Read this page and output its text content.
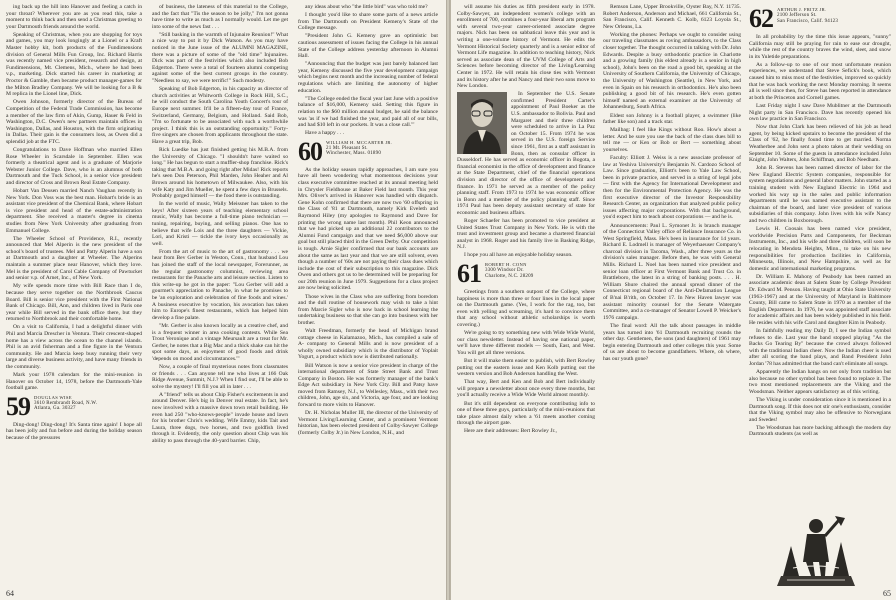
ing back up the hill into Hanover and feeling a catch in your throat? Wherever you are as you read this, take a moment to think back and then send a Christmas greeting to your Dartmouth friends around the world.

Speaking of Christmas, when you are shopping for toys and games, you may look longingly at a Lionel or a Kraft Master hobby kit, both products of the Fundimensions division of General Mills Fun Group, Inc. Richard Harris was recently named vice president, research and design, at Fundimensions, Mt. Clemens, Mich., where he had been v.p., marketing. Dick started his career in marketing at Proctor & Gamble, then became product manager-games for the Milton Bradley Company. We will be looking for a B & M replica in the Lionel line, Dick.

Owen Johnson, formerly director of the Bureau of Competition of the Federal Trade Commission, has become a member of the law firm of Akin, Gump, Hauer & Feld in Washington, D.C. Owen's new partners maintain offices in Washington, Dallas, and Houston, with the firm originating in Dallas. Their gain is the consumers loss, as Owen did a splendid job at the FTC.

Congratulations to Dave Hoffman who married Ellen Rose Wheeler in Scarsdale in September. Ellen was formerly a theatrical agent and is a graduate of Marjorie Webster Junior College. Dave, who is an alumnus of both Dartmouth and the Tuck School, is a senior vice president and director of Cross and Brown Real Estate Company.

Hobart Van Deusen married Nanch Vaughan recently in New York. Don Voss was the best man. Hobart's bride is an assistant vice president of the Chemical Bank, where Hobart is vice president and head of the estate-administration department. She received a master's degree in cinema studies from New York University after graduating from Emmanuel College.

The Wheeler School of Providence, R.I., recently announced that Mel Alperin is the new president of the school's board of trustees. Mel and Patty Alperin have a son at Dartmouth and a daughter at Wheeler. The Alperins maintain a summer place near Hanover, which they love. Mel is the president of Carol Cable Company of Pawtucket and senior v.p. of Arnet, Inc., of New York.

My wife spends more time with Bill Race than I do, because they serve together on the Northbrook Caucus Board. Bill is senior vice president with the First National Bank of Chicago. Bill, Ann, and children lived in Paris one year while Bill served in the bank office there, but they returned to Northbrook and their comfortable home.

On a visit to California, I had a delightful dinner with Phil and Marcia Drescher in Ventura. Their crescent-shaped home has a view across the ocean to the channel islands. Phil is an avid fisherman and a fine figure in the Ventura community. He and Marcia keep busy running their very large and diverse business activity, and have many friends in the community.

Mark your 1978 calendars for the mini-reunion in Hanover on October 14, 1978, before the Dartmouth-Yale football game.

59 DOUGLAS WISE
3610 Rembrandt Road, N.W.
Atlanta, Ga. 30327

Ding-dong! Ding-dong! It's Santa time again! I hope all has been jolly and fun before and during the holiday season because of the pressures

of business, the lateness of this material to the College, and the fact that "Tis the season to be jolly," I'm not gonna have time to write as much as I normally would. Let me get into some of the news fast . . .

"Still basking in the warmth of Injunaire Reunion!" What a nice way to put it by Dick Watson. As you may have noticed in the June issue of the ALUMNI MAGAZINE, there was a picture of some of the "old time" Injunaires. Dick was part of the festivities which also included Bob Edgerton. There were a total of fourteen alumni competing against some of the best current groups in the country. "Needless to say, we were terrific!" Such modesty.

Speaking of Bob Edgerton, in his capacity as director of church activities at Whitworth College in Rock Hill, S.C., he will conduct the South Carolina Youth Concert's tour of Europe next summer. It'll be a fifteen-day tour of France, Switzerland, Germany, Belgium, and Holland. Said Bob, "I'm so fortunate to be associated with such a worthwhile project. I think this is an outstanding opportunity." Forty-five singers are chosen from applicants throughout the state. Have a great trip, Bob.

Rick Luedke has just finished getting his M.B.A. from the University of Chicago. "I shouldn't have waited so long." He has begun to start a muffler-shop franchise. Rick's taking that M.B.A. and going right after Midas! Rick reports he's seen Don Peterson, Phil Marden, John Heaher and Al Brown around his hometown of Milwaukee. Also, with his wife Katy and Jim Mueller, he spent a few days in Brussels. Probably gorged himself — the food there is outstanding.

In the world of music, Wally Meissner has taken to the keys! After sixteen years of teaching elementary school music, Wally has become a full-time piano technician — tuning, repairing, buying, and selling pianos. One has to believe that wife Lois and the three daughters — Vickie, Lori, and Kristi — tickle the ivory keys occasionally as well.

From the art of music to the art of gastronomy . . . we hear from Bev Gerber in Weston, Conn., that husband Lou has joined the staff of the local newspaper, Forerunner, as the regular gastronomy columnist, reviewing area restaurants for the Panache arts and leisure section. Listen to this write-up he got in the paper: "Lou Gerber will add a gourmet's appreciation to Panache, in what he promises to be 'an exploration and celebration of fine foods and wines.' A business executive by vocation, his avocation has taken him to Europe's finest restaurants, which has helped him develop a fine palate.

"Mr. Gerber is also known locally as a creative chef, and is a frequent winner in area cooking contests. While Sea Trout Veronique and a vintage Meursault are a treat for Mr. Gerber, he notes that a Big Mac and a thick shake can hit the spot some days, as enjoyment of good foods and drink 'depends on mood and circumstances.'"

Now, a couple of final mysterious notes from classmates or friends . . . Can anyone tell me who lives at 166 Oak Ridge Avenue, Summit, N.J.? When I find out, I'll be able to solve the mystery! I'll fill you all in later . . .

A "friend" tells us about Chip Fisher's excitements in and around Denver. He's big in Denver real estate. In fact, he's now involved with a massive down town retail building. He even had 250 "who-knows-people" invade house and lawn for his brother Chris's wedding. Wife Emmy, kids Tait and Laura, three dogs, two horses, and two goldfish lived through it. Evidently, the only question about Chip was his ability to pass through the 40-yard barrier. Chip,

any ideas about who "the little bird" was who told me?

I thought you'd like to share some parts of a news article from The Dartmouth on President Kemeny's State of the College message.

"President John G. Kemeny gave an optimistic but cautious assessment of issues facing the College in his annual State of the College address yesterday afternoon in Alumni Hall.

"Announcing that the budget was just barely balanced last year, Kemeny discussed the five year development campaign which begins next month and the increasing number of federal regulations which are limiting the autonomy of higher education.

"The College ended the fiscal year last June with a positive balance of $16,000, Kemeny said. Setting this figure in relation to the $60 million annual budget, he said the balance was 'as if we had finished the year, and paid all of our bills, and had $10 left in our pockets. It was a close call.'"

Have a happy . . .

60 WILLIAM H. MCCARTER JR.
21 Mt. Pleasant St.
Winchester, Mass. 01890

As the holiday season rapidly approaches, I am sure you have all been wondering what momentous decisions your class executive committee reached at its annual meeting held in Chrysler Fieldhouse at Baker Field last month. This year Mrs. Oliver's arrived in Hanover was handled with dispatch. Gene Kohn confirmed that there are now two '60 offspring in the Class of '81 at Dartmouth, namely Kirk Eveleth and Raymond Hiley (my apologies to Raymond and Dave for printing the wrong name last month). Phil Keon announced that we had picked up an additional 22 contributors to the Alumni Fund campaign and that we need $6,000 above our goal but still placed third in the Green Derby. Our competition is tough. Arnie Sigler confirmed that our bank accounts are about the same as last year and that we are still solvent, even though a number of '60s are not paying their class dues which include the cost of their subscription to this magazine. Dick Owen and others got us to be determined will be preparing for our 20th reunion in June 1979. Suggestions for a class project are now being solicited.

Those wives in the Class who are suffering from boredom and the dull routine of housework may wish to take a hint from Marcie Sigler who is now back in school learning the undertaking business so that she can go into business with her brother.

Walt Freedman, formerly the head of Michigan brand cottage cheese in Kalamazoo, Mich., has compiled a sale of A- company to General Mills and is now president of a wholly owned subsidiary which is the distributor of Yoplait Yogurt, a product which now is distributed nationally.

Bill Watson is now a senior vice president in charge of the international department of State Street Bank and Trust Company in Boston. He was formerly manager of the bank's Edge Act subsidiary in New York City. Bill and Patsy have moved from Ramsey, N.J., to Wellesley, Mass., with their two children, John, age six, and Victoria, age four, and are looking forward to more visits to Hanover.

Dr. H. Nicholas Muller III, the director of the University of Vermont Living/Learning Center, and a prominent Vermont historian, has been elected president of Colby-Sawyer College (formerly Colby Jr.) in New London, N.H., and

64

will assume his duties as fifth president early in 1978. Colby-Sawyer, an independent women's college with an enrollment of 700, combines a four-year liberal arts program with several two-year career-oriented associate degree majors. Nick has been on sabbatical leave this year and is writing a one-volume history of Vermont. He edits the Vermont Historical Society quarterly and is a senior editor of Vermont Life magazine. In addition to teaching history, Nick served as associate dean of the UVM College of Arts and Sciences before becoming director of the Living/Learning Center in 1972. He will retain his close ties with Vermont and its history after he and Nancy and their two sons move to New London.

In September the U.S. Senate confirmed President Carter's appointment of Paul Boeker as the U.S. ambassador to Bolivia. Paul and Margaret and their three children were scheduled to arrive in La Paz on October 15. From 1974 he was served in the U.S. foreign Service since 1961, first as a staff assistant in Bonn, then as consular officer in Dusseldorf. He has served as economic officer in Bogota, a financial economist in the office of development and finance at the State Department, chief of the financial operations division and director of the office of development and finance. In 1971 he served as a member of the policy planning staff. From 1973 to 1974 he was economic officer in Bonn and a member of the policy planning staff. Since 1974 Paul has been deputy assistant secretary of state for economic and business affairs.

Roger Schaefer has been promoted to vice president at United States Trust Company in New York. He is with the trust and investment group and became a chartered financial analyst in 1968. Roger and his family live in Basking Ridge, N.J.

I hope you all have an enjoyable holiday season.

61 ROBERT H. CONN
3300 Windsor Dr.
Charlotte, N.C. 28209

Greetings from a southern outpost of the College, where happiness is more than three or four lines in the local paper on the Dartmouth game. (Yes, I work for the rag, too, but even with yelling and screaming, it's hard to convince them that any school without athletic scholarships is worth covering.)

We're going to try something new with Wide Wide World, our class newsletter. Instead of having one national paper, we'll have three different models — South, East, and West. You will get all three versions.

But it will make them easier to publish, with Bert Rowley putting out the eastern issue and Ken Kolb putting out the western version and Bob Anderson handling the West.

That way, Bert and Ken and Bob and Bert individually will prepare a newsletter about once every three months, but you'll actually receive a Wide Wide World almost monthly.

But it's still dependent on everyone contributing info to one of these three guys, particularly of the mini-reunions that take place almost daily when a '61 meets another coming through the airport gate.

Here are their addresses: Bert Rowley Jr.,

Remson Lane, Upper Brookville, Oyster Bay, N.Y. 11735. Robert Anderson, Anderson and Michael, 661 California St., San Francisco, Calif. Kenneth C. Kolb, 6123 Loyola St., New Orleans, La.

Working the phones: Perhaps we ought to consider using our traveling classmates as roving ambassadors, to the Class closer together. The thought occurred in talking with Dr. John Edwards. Despite a busy orthodontic practice in Charlotte and a growing family (his eldest already is a senior in high school), John's been on the road a good bit, speaking at the University of Southern California, the University of Chicago, the University of Washington (Seattle), in New York, and even in Spain on his research in orthodontics. He's also been publishing a good bit of his research. He's even gotten himself named an external examiner at the University of Johannesburg, South Africa.

Eldest son Johnny is a football player, a swimmer (like father like son) and a track star.

Mailbag: I feel like Kings without Roo. How's about a letter. And be sure you use the back of the class dues bill to tell me — or Ken or Bob or Bert — something about yourselves.

Faculty: Elliott J. Weiss is a new associate professor of law at Yeshiva University's Benjamin N. Cardozo School of Law. Since graduation, Elliott's been to Yale Law School, been in private practice, and served in a string of legal jobs — first with the Agency for International Development and then for the Environmental Protection Agency. He was the first executive director of the Investor Responsibility Research Center, an organization that analyzed public policy issues affecting major corporations. With that background, you'd expect him to teach about corporations — and he is.

Announcements: Paul L. Symonet Jr. is branch manager of the Connecticut Valley office of Reliance Insurance Co. in West Springfield, Mass. He's been in insurance for 14 years. Richard E. Lodmell is manager of Weyerhaeuser Company's charcoal division in Tacoma, Wash., after three years as the division's sales manager. Before then, he was with General Mills. Richard L. Noel has been named vice president and senior loan officer at First Vermont Bank and Trust Co. in Brattleboro, the latest in a string of banking posts. . . . H. William Shure chaired the annual spread dinner of the Connecticut regional board of the Anti-Defamation League of B'nai B'rith, on October 17. In New Haven lawyer was assistant minority counsel for the Senate Watergate Committee, and a co-manager of Senator Lowell P. Weicker's 1976 campaign.

The final word: All the talk about passages in middle years has turned into '61 Dartmouth recruiting rounds the other day. Gentlemen, the sons (and daughters) of 1961 may begin entering Dartmouth and other colleges this year. Some of us are about to become grandfathers. Where, oh where, has our youth gone?

62 ARTHUR J. FRITZ JR.
2100 Jefferson St.
San Francisco, Calif. 94123

In all probability by the time this issue appears, "sunny" California may still be praying for rain to ease our drought, while the rest of the country braves the wind, sleet, and snow in its Yuletide preparations.

As a follow-up to one of our most unfortunate reunion experiences, we understand that Steve Sefick's book, which caused him to miss most of the festivities, improved so quickly that he was back working the next Monday morning. It seems all is well since then, for Steve has been reported in attendance at both the Princeton and Cornell games.

Last Friday night I saw Dave Mublitner at the Dartmouth Night party in San Francisco. Dave has recently opened his own law practice in San Francisco.

Now that John Clark has been relieved of his job as head agent, by being kicked upstairs to become the president of the Class of '62, he finally found time to get married. Norma Weatherbee and John sent a photo taken at their wedding on September 10. Some of the guests in attendance included John Knight, John Walters, John Schiffman, and Bob Needham.

John R. Stevens has been named director of labor for the New England Electric System companies, responsible for system negotiations and general labor matters. John started as a training student with New England Electric in 1964 and worked his way up in the sales and public information departments until he was named executive assistant to the chairman of the board, and later vice president of various subsidiaries of this company. John lives with his wife Nancy and two children in Boxborough.

Lewis H. Coosais has been named vice president, worldwide Precision Parts and Components, for Beckman Instruments, Inc., and his wife and three children, will soon be relocating in Mendota Heights, Minn., to take on his new responsibilities for production facilities in California, Minnesota, Illinois, and New Hampshire, as well as for domestic and international marketing programs.

Dr. William E. Mahony of Peabody has been named an associate academic dean at Salem State by College President Dr. Edward M. Penson. Having taught at Ohio State University (1963-1967) and at the University of Maryland in Baltimore County, Bill came to Salem State in 1970 as a member of the English Department. In 1976, he was appointed staff associate for academic affairs and has been widely published in his field. He resides with his wife Carol and daughter Kim in Peabody.

In faithfully reading my Daily D, I see the Indian symbol refuses to die. Last year the band stopped playing "As the Backs Go Tearing By" because the crowd always followed with the traditional Indian cheer. Now the Indian cheer is used after all scoring the band plays, and Band President John Jordan '78 has admitted that the band can't eliminate all songs.

Apparently the Indian hangs on not only from tradition but also because no other symbol has been found to replace it. The two most mentioned replacements are the Viking and the Woodsman. Neither appears satisfactory as of this writing.

The Viking is under consideration since it is mentioned in a Dartmouth song. If this does not stir one's enthusiasm, consider that the Viking symbol may also be offensive to Norwegians and Swedes!

The Woodsman has more backing although the modern day Dartmouth students (as well as

65
